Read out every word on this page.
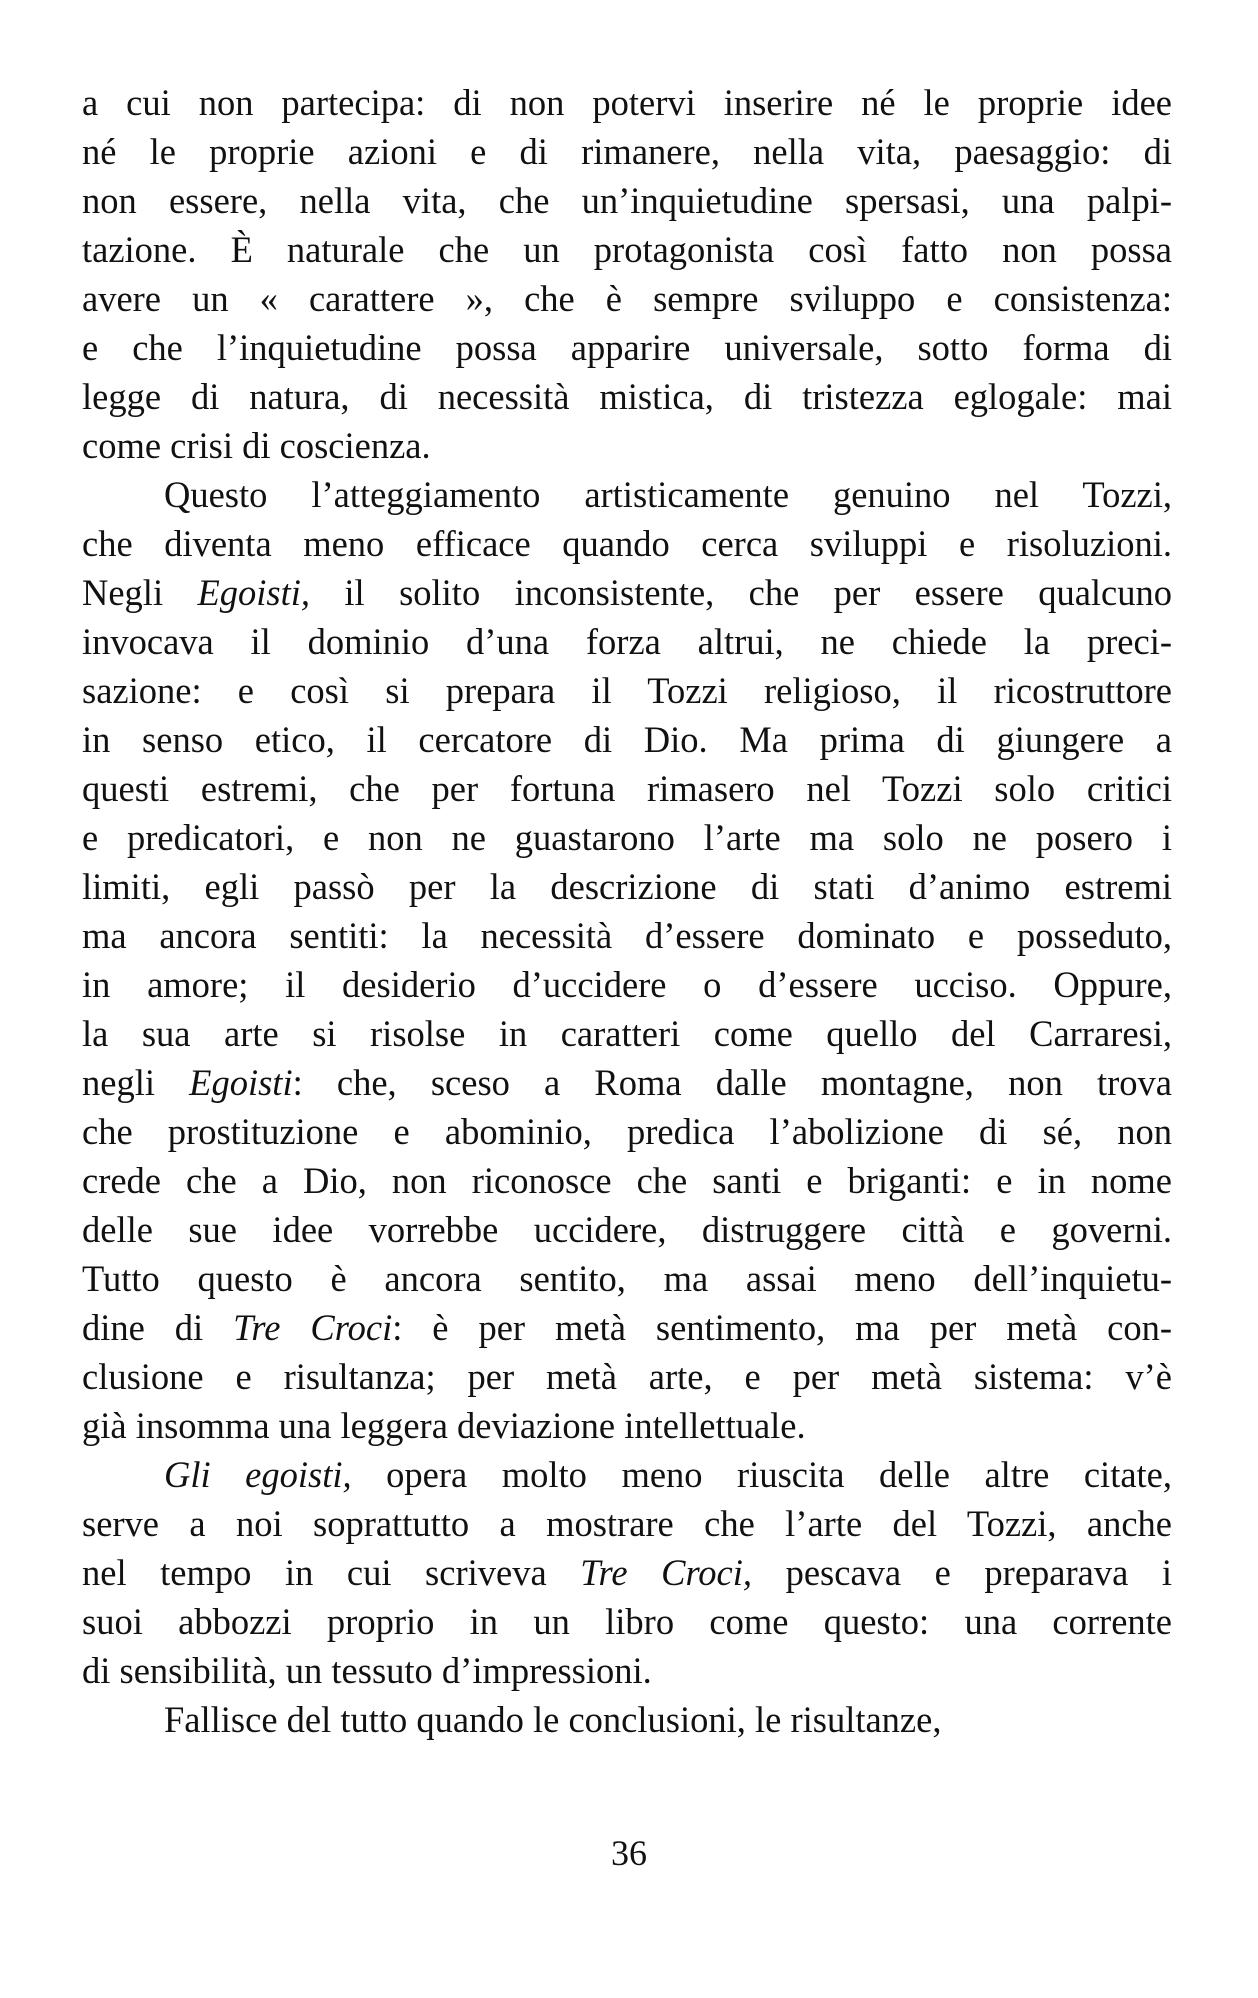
a cui non partecipa: di non potervi inserire né le proprie idee
né le proprie azioni e di rimanere, nella vita, paesaggio: di
non essere, nella vita, che un’inquietudine spersasi, una palpi-
tazione. È naturale che un protagonista così fatto non possa
avere un « carattere », che è sempre sviluppo e consistenza:
e che l’inquietudine possa apparire universale, sotto forma di
legge di natura, di necessità mistica, di tristezza eglogale: mai
come crisi di coscienza.
Questo l’atteggiamento artisticamente genuino nel Tozzi,
che diventa meno efficace quando cerca sviluppi e risoluzioni.
Negli Egoisti, il solito inconsistente, che per essere qualcuno
invocava il dominio d’una forza altrui, ne chiede la preci-
sazione: e così si prepara il Tozzi religioso, il ricostruttore
in senso etico, il cercatore di Dio. Ma prima di giungere a
questi estremi, che per fortuna rimasero nel Tozzi solo critici
e predicatori, e non ne guastarono l’arte ma solo ne posero i
limiti, egli passò per la descrizione di stati d’animo estremi
ma ancora sentiti: la necessità d’essere dominato e posseduto,
in amore; il desiderio d’uccidere o d’essere ucciso. Oppure,
la sua arte si risolse in caratteri come quello del Carraresi,
negli Egoisti: che, sceso a Roma dalle montagne, non trova
che prostituzione e abominio, predica l’abolizione di sé, non
crede che a Dio, non riconosce che santi e briganti: e in nome
delle sue idee vorrebbe uccidere, distruggere città e governi.
Tutto questo è ancora sentito, ma assai meno dell’inquietu-
dine di Tre Croci: è per metà sentimento, ma per metà con-
clusione e risultanza; per metà arte, e per metà sistema: v’è
già insomma una leggera deviazione intellettuale.
Gli egoisti, opera molto meno riuscita delle altre citate,
serve a noi soprattutto a mostrare che l’arte del Tozzi, anche
nel tempo in cui scriveva Tre Croci, pescava e preparava i
suoi abbozzi proprio in un libro come questo: una corrente
di sensibilità, un tessuto d’impressioni.
Fallisce del tutto quando le conclusioni, le risultanze,
36
